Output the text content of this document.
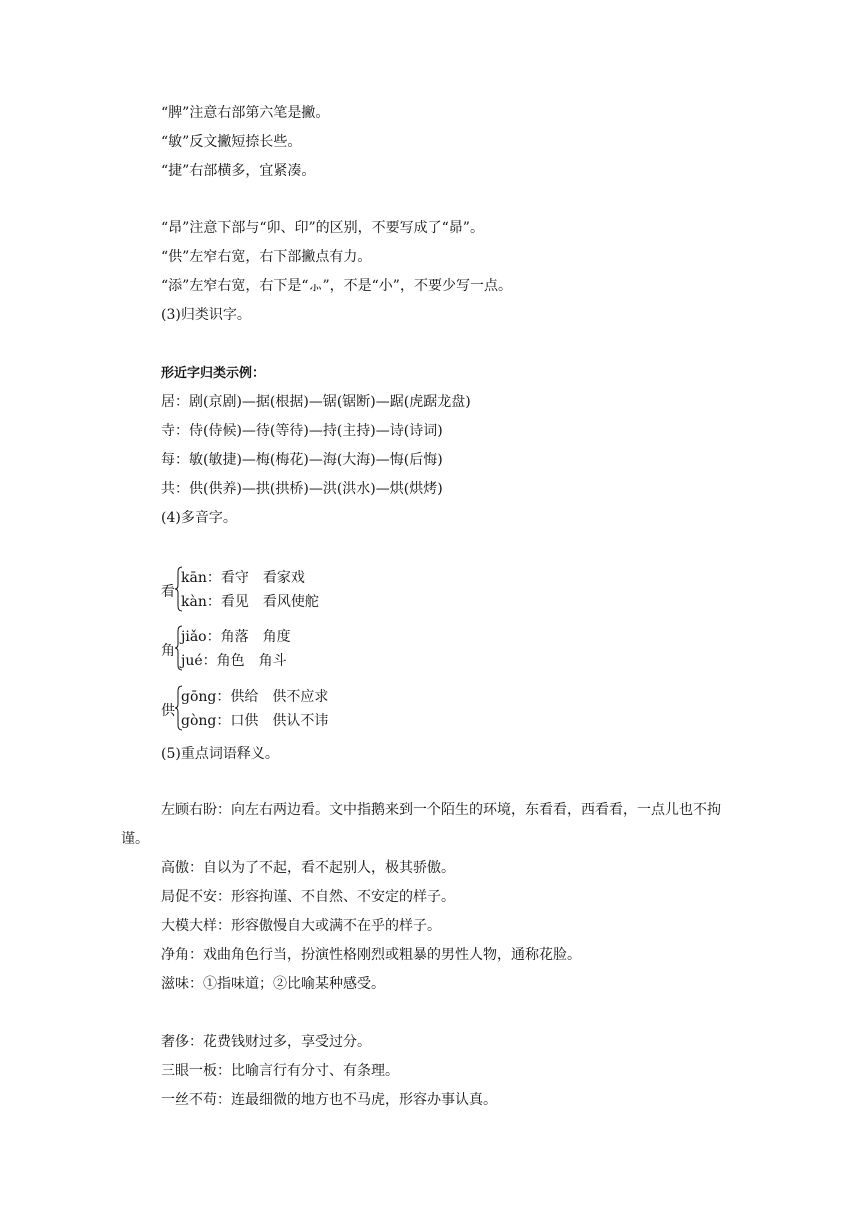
“脾”注意右部第六笔是撇。
“敏”反文撇短捺长些。
“捷”右部横多，宜紧凑。
“昂”注意下部与“卯、印”的区别，不要写成了“昴”。
“供”左窄右宽，右下部撇点有力。
“添”左窄右宽，右下是“⺗”，不是“小”，不要少写一点。
(3)归类识字。
形近字归类示例：
居：剧(京剧)—据(根据)—锯(锯断)—踞(虎踞龙盘)
寺：侍(侍候)—待(等待)—持(主持)—诗(诗词)
每：敏(敏捷)—梅(梅花)—海(大海)—悔(后悔)
共：供(供养)—拱(拱桥)—洪(洪水)—烘(烘烤)
(4)多音字。
看
kān：看守　看家戏
kàn：看见　看风使舵
角
jiǎo：角落　角度
jué：角色　角斗
供
gōng：供给　供不应求
gòng：口供　供认不讳
(5)重点词语释义。
左顾右盼：向左右两边看。文中指鹅来到一个陌生的环境，东看看，西看看，一点儿也不拘谨。
高傲：自以为了不起，看不起别人，极其骄傲。
局促不安：形容拘谨、不自然、不安定的样子。
大模大样：形容傲慢自大或满不在乎的样子。
净角：戏曲角色行当，扮演性格刚烈或粗暴的男性人物，通称花脸。
滋味：①指味道；②比喻某种感受。
奢侈：花费钱财过多，享受过分。
三眼一板：比喻言行有分寸、有条理。
一丝不苟：连最细微的地方也不马虎，形容办事认真。
